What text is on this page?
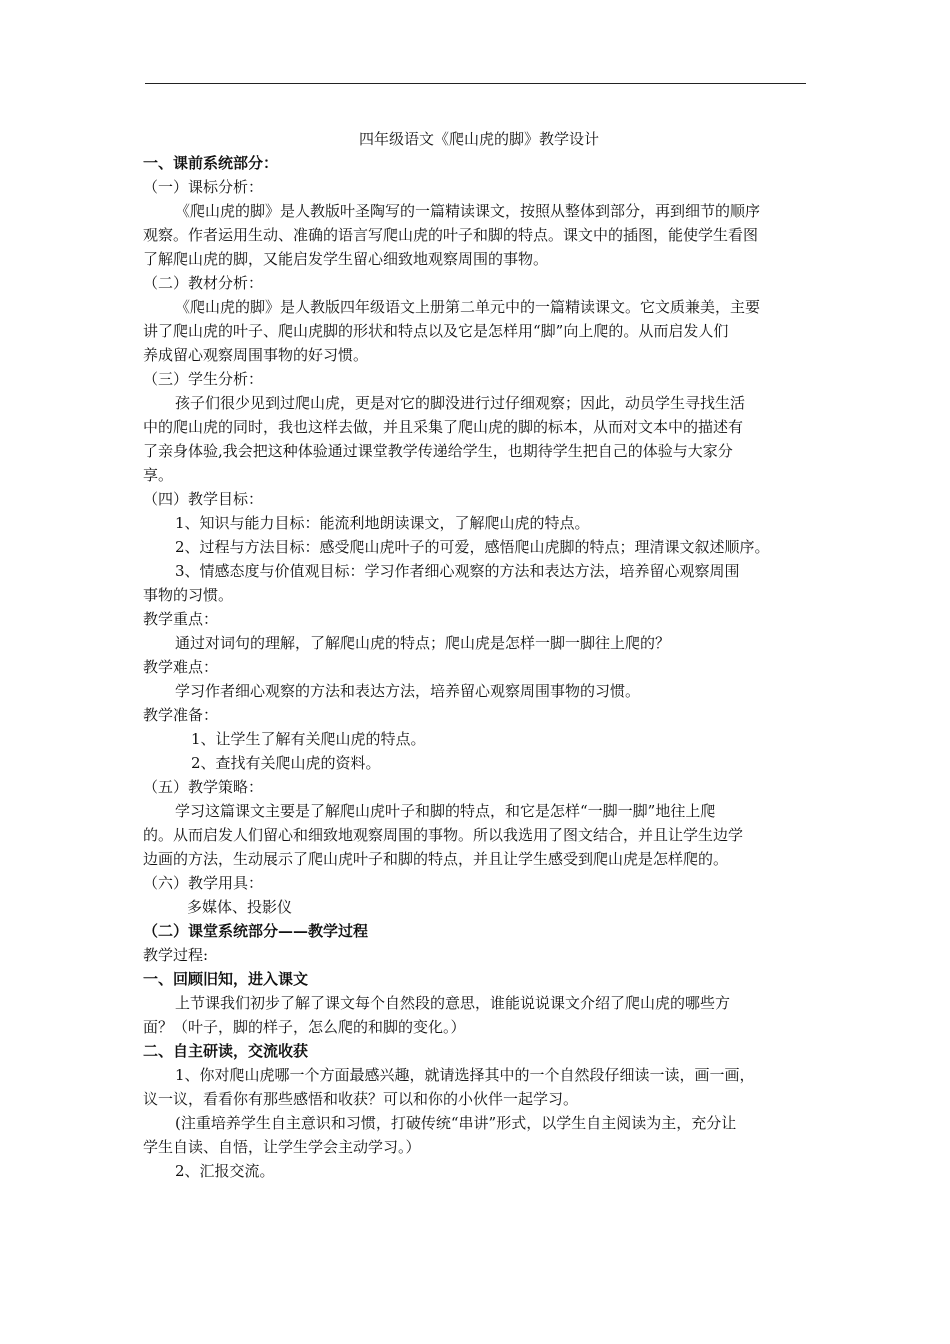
四年级语文《爬山虎的脚》教学设计
一、课前系统部分：
（一）课标分析：
《爬山虎的脚》是人教版叶圣陶写的一篇精读课文，按照从整体到部分，再到细节的顺序
观察。作者运用生动、准确的语言写爬山虎的叶子和脚的特点。课文中的插图，能使学生看图
了解爬山虎的脚，又能启发学生留心细致地观察周围的事物。
（二）教材分析：
《爬山虎的脚》是人教版四年级语文上册第二单元中的一篇精读课文。它文质兼美，主要
讲了爬山虎的叶子、爬山虎脚的形状和特点以及它是怎样用“脚”向上爬的。从而启发人们
养成留心观察周围事物的好习惯。
（三）学生分析：
孩子们很少见到过爬山虎，更是对它的脚没进行过仔细观察；因此，动员学生寻找生活
中的爬山虎的同时，我也这样去做，并且采集了爬山虎的脚的标本，从而对文本中的描述有
了亲身体验,我会把这种体验通过课堂教学传递给学生，也期待学生把自己的体验与大家分
享。
（四）教学目标：
1、知识与能力目标：能流利地朗读课文，了解爬山虎的特点。
2、过程与方法目标：感受爬山虎叶子的可爱，感悟爬山虎脚的特点；理清课文叙述顺序。
3、情感态度与价值观目标：学习作者细心观察的方法和表达方法，培养留心观察周围
事物的习惯。
教学重点：
通过对词句的理解，了解爬山虎的特点；爬山虎是怎样一脚一脚往上爬的？
教学难点：
学习作者细心观察的方法和表达方法，培养留心观察周围事物的习惯。
教学准备：
1、让学生了解有关爬山虎的特点。
2、查找有关爬山虎的资料。
（五）教学策略：
学习这篇课文主要是了解爬山虎叶子和脚的特点，和它是怎样“一脚一脚”地往上爬
的。从而启发人们留心和细致地观察周围的事物。所以我选用了图文结合，并且让学生边学
边画的方法，生动展示了爬山虎叶子和脚的特点，并且让学生感受到爬山虎是怎样爬的。
（六）教学用具：
多媒体、投影仪
（二）课堂系统部分——教学过程
教学过程:
一、回顾旧知，进入课文
上节课我们初步了解了课文每个自然段的意思，谁能说说课文介绍了爬山虎的哪些方
面？（叶子，脚的样子，怎么爬的和脚的变化。）
二、自主研读，交流收获
1、你对爬山虎哪一个方面最感兴趣，就请选择其中的一个自然段仔细读一读，画一画，
议一议，看看你有那些感悟和收获？可以和你的小伙伴一起学习。
(注重培养学生自主意识和习惯，打破传统“串讲”形式，以学生自主阅读为主，充分让
学生自读、自悟，让学生学会主动学习。）
2、汇报交流。
